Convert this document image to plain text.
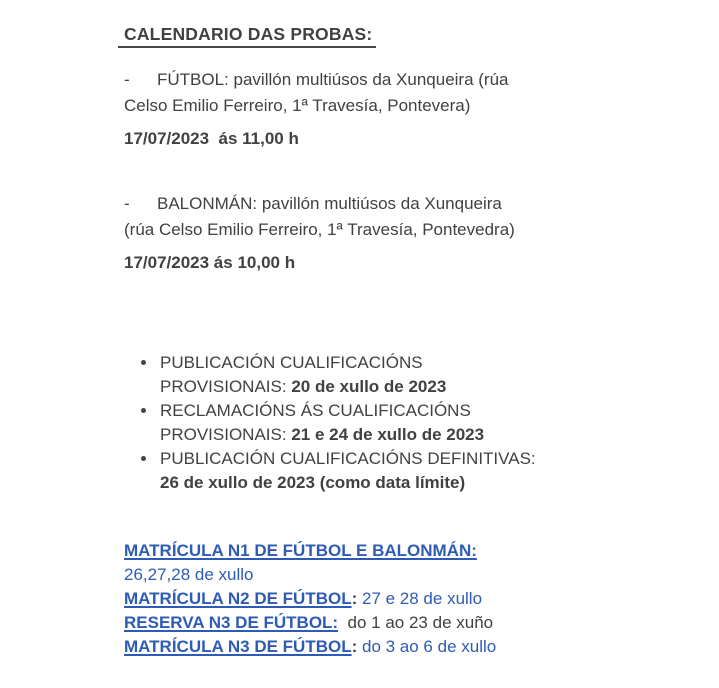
CALENDARIO DAS PROBAS:

- FÚTBOL: pavillón multiúsos da Xunqueira (rúa
Celso Emilio Ferreiro, 1ª Travesía, Pontevera)

17/07/2023  ás 11,00 h

- BALONMÁN: pavillón multiúsos da Xunqueira
(rúa Celso Emilio Ferreiro, 1ª Travesía, Pontevedra)

17/07/2023 ás 10,00 h

• PUBLICACIÓN CUALIFICACIÓNS
PROVISIONAIS: 20 de xullo de 2023
• RECLAMACIÓNS ÁS CUALIFICACIÓNS
PROVISIONAIS: 21 e 24 de xullo de 2023
• PUBLICACIÓN CUALIFICACIÓNS DEFINITIVAS:
26 de xullo de 2023 (como data límite)

MATRÍCULA N1 DE FÚTBOL E BALONMÁN:
26,27,28 de xullo

MATRÍCULA N2 DE FÚTBOL: 27 e 28 de xullo

RESERVA N3 DE FÚTBOL:  do 1 ao 23 de xuño

MATRÍCULA N3 DE FÚTBOL: do 3 ao 6 de xullo
